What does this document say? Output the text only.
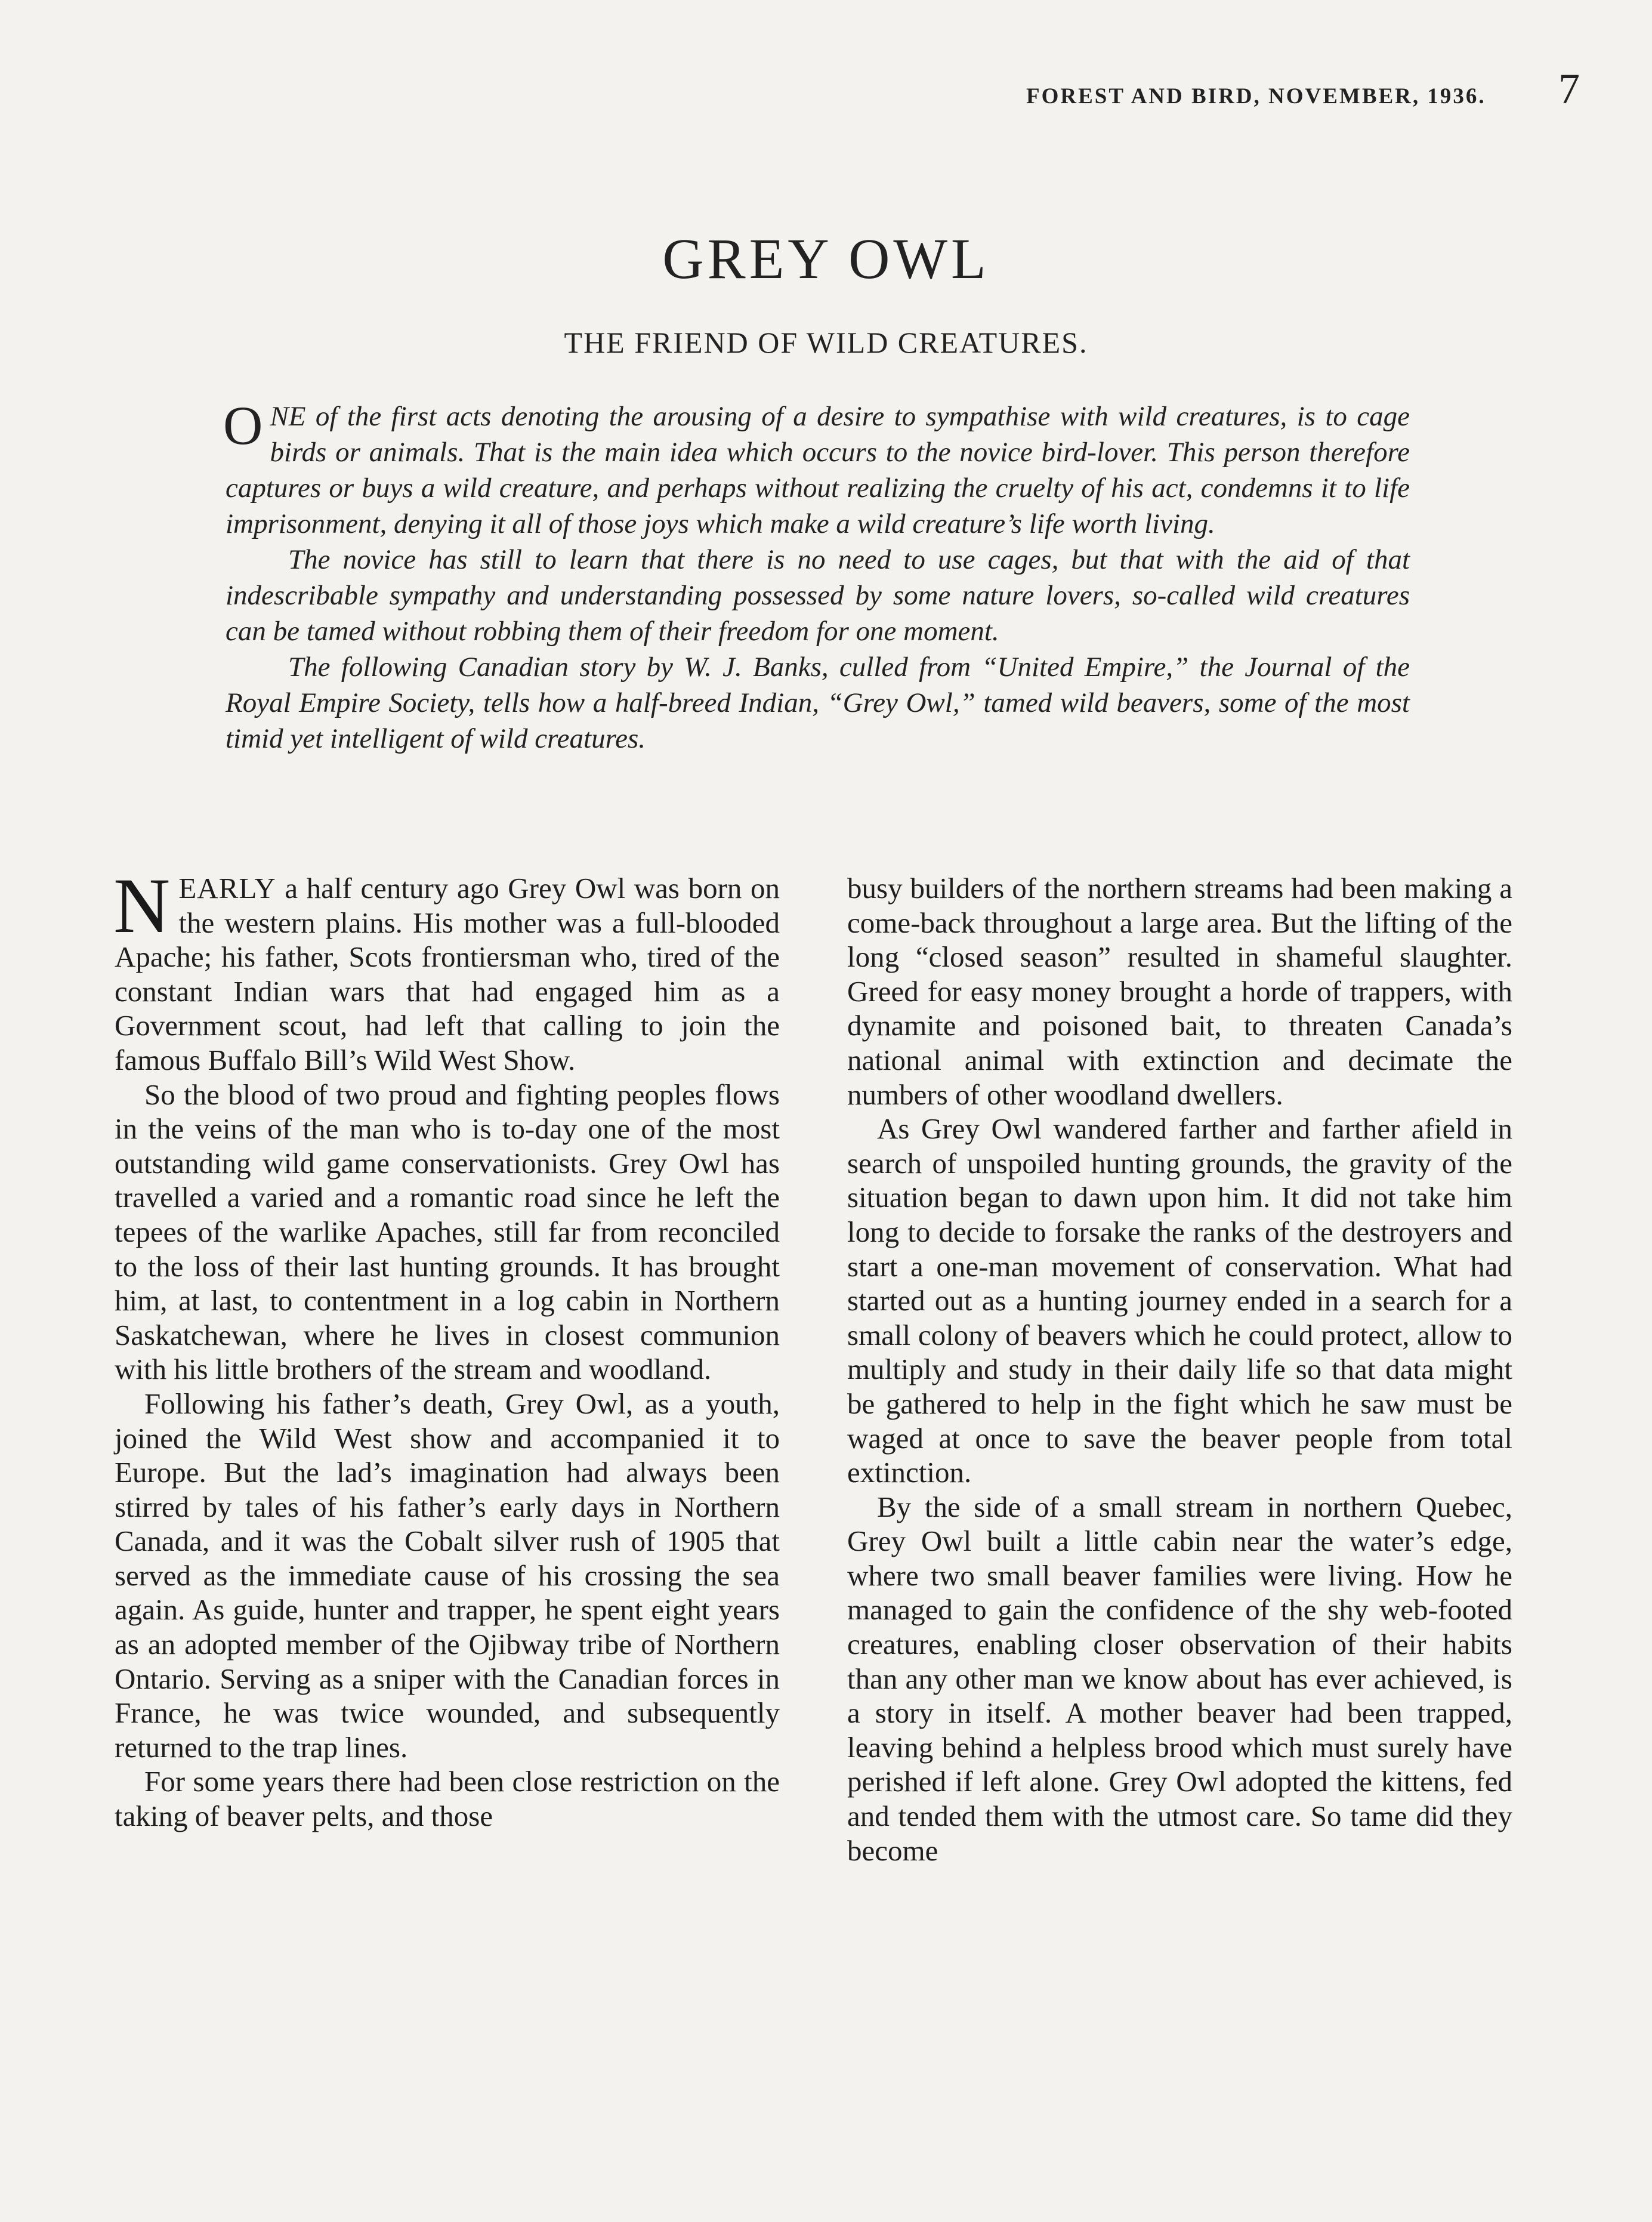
FOREST AND BIRD, NOVEMBER, 1936. 7
GREY OWL
THE FRIEND OF WILD CREATURES.

ONE of the first acts denoting the arousing of a desire to sympathise with wild creatures, is to cage birds or animals. That is the main idea which occurs to the novice bird-lover. This person therefore captures or buys a wild creature, and perhaps without realizing the cruelty of his act, condemns it to life imprisonment, denying it all of those joys which make a wild creature’s life worth living.

The novice has still to learn that there is no need to use cages, but that with the aid of that indescribable sympathy and understanding possessed by some nature lovers, so-called wild creatures can be tamed without robbing them of their freedom for one moment.

The following Canadian story by W. J. Banks, culled from “United Empire,” the Journal of the Royal Empire Society, tells how a half-breed Indian, “Grey Owl,” tamed wild beavers, some of the most timid yet intelligent of wild creatures.

NEARLY a half century ago Grey Owl was born on the western plains. His mother was a full-blooded Apache; his father, Scots frontiersman who, tired of the constant Indian wars that had engaged him as a Government scout, had left that calling to join the famous Buffalo Bill’s Wild West Show.

So the blood of two proud and fighting peoples flows in the veins of the man who is to-day one of the most outstanding wild game conservationists. Grey Owl has travelled a varied and a romantic road since he left the tepees of the warlike Apaches, still far from reconciled to the loss of their last hunting grounds. It has brought him, at last, to contentment in a log cabin in Northern Saskatchewan, where he lives in closest communion with his little brothers of the stream and woodland.

Following his father’s death, Grey Owl, as a youth, joined the Wild West show and accompanied it to Europe. But the lad’s imagination had always been stirred by tales of his father’s early days in Northern Canada, and it was the Cobalt silver rush of 1905 that served as the immediate cause of his crossing the sea again. As guide, hunter and trapper, he spent eight years as an adopted member of the Ojibway tribe of Northern Ontario. Serving as a sniper with the Canadian forces in France, he was twice wounded, and subsequently returned to the trap lines.

For some years there had been close restriction on the taking of beaver pelts, and those

busy builders of the northern streams had been making a come-back throughout a large area. But the lifting of the long “closed season” resulted in shameful slaughter. Greed for easy money brought a horde of trappers, with dynamite and poisoned bait, to threaten Canada’s national animal with extinction and decimate the numbers of other woodland dwellers.

As Grey Owl wandered farther and farther afield in search of unspoiled hunting grounds, the gravity of the situation began to dawn upon him. It did not take him long to decide to forsake the ranks of the destroyers and start a one-man movement of conservation. What had started out as a hunting journey ended in a search for a small colony of beavers which he could protect, allow to multiply and study in their daily life so that data might be gathered to help in the fight which he saw must be waged at once to save the beaver people from total extinction.

By the side of a small stream in northern Quebec, Grey Owl built a little cabin near the water’s edge, where two small beaver families were living. How he managed to gain the confidence of the shy web-footed creatures, enabling closer observation of their habits than any other man we know about has ever achieved, is a story in itself. A mother beaver had been trapped, leaving behind a helpless brood which must surely have perished if left alone. Grey Owl adopted the kittens, fed and tended them with the utmost care. So tame did they become
